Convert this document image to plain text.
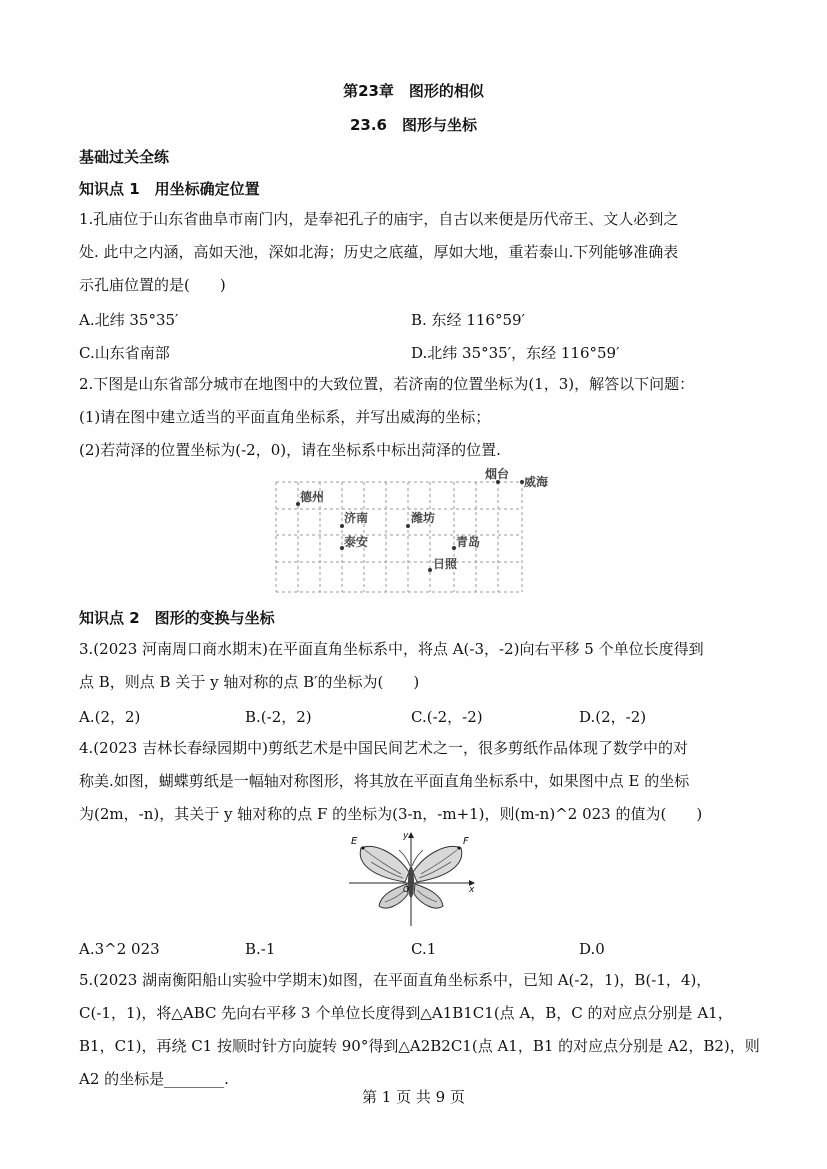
第23章　图形的相似
23.6　图形与坐标
基础过关全练
知识点 1　用坐标确定位置
1.孔庙位于山东省曲阜市南门内，是奉祀孔子的庙宇，自古以来便是历代帝王、文人必到之
处. 此中之内涵，高如天池，深如北海；历史之底蕴，厚如大地，重若泰山.下列能够准确表
示孔庙位置的是(　　)
A.北纬 35°35′	B. 东经 116°59′
C.山东省南部	D.北纬 35°35′，东经 116°59′
2.下图是山东省部分城市在地图中的大致位置，若济南的位置坐标为(1，3)，解答以下问题：
(1)请在图中建立适当的平面直角坐标系，并写出威海的坐标；
(2)若菏泽的位置坐标为(-2，0)，请在坐标系中标出菏泽的位置.
德州
济南	潍坊
泰安	青岛
日照
烟台
威海
知识点 2　图形的变换与坐标
3.(2023 河南周口商水期末)在平面直角坐标系中，将点 A(-3，-2)向右平移 5 个单位长度得到
点 B，则点 B 关于 y 轴对称的点 B′的坐标为(　　)
A.(2，2)	B.(-2，2)	C.(-2，-2)	D.(2，-2)
4.(2023 吉林长春绿园期中)剪纸艺术是中国民间艺术之一，很多剪纸作品体现了数学中的对
称美.如图，蝴蝶剪纸是一幅轴对称图形，将其放在平面直角坐标系中，如果图中点 E 的坐标
为(2m，-n)，其关于 y 轴对称的点 F 的坐标为(3-n，-m+1)，则(m-n)^2 023 的值为(　　)
E	F
x
y
O
A.3^2 023	B.-1	C.1	D.0
5.(2023 湖南衡阳船山实验中学期末)如图，在平面直角坐标系中，已知 A(-2，1)，B(-1，4)，
C(-1，1)，将△ABC 先向右平移 3 个单位长度得到△A1B1C1(点 A，B，C 的对应点分别是 A1，
B1，C1)，再绕 C1 按顺时针方向旋转 90°得到△A2B2C1(点 A1，B1 的对应点分别是 A2，B2)，则
A2 的坐标是________.
第 1 页 共 9 页
